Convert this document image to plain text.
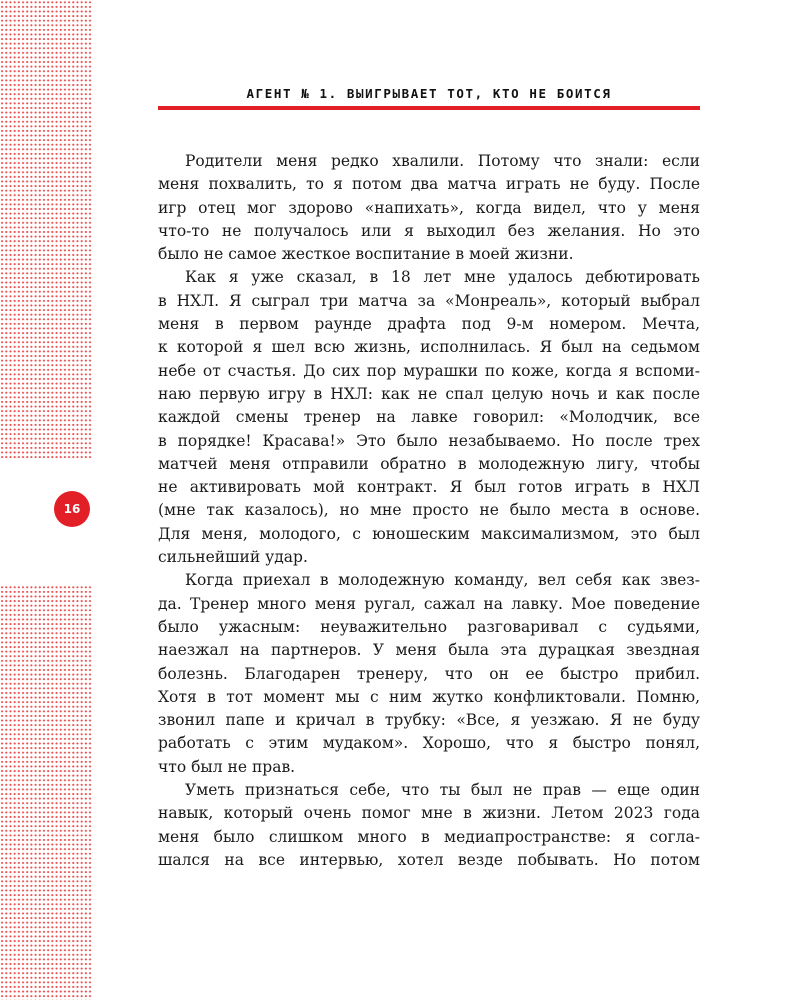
АГЕНТ № 1. ВЫИГРЫВАЕТ ТОТ, КТО НЕ БОИТСЯ
16
Родители меня редко хвалили. Потому что знали: если
меня похвалить, то я потом два матча играть не буду. После
игр отец мог здорово «напихать», когда видел, что у меня
что-то не получалось или я выходил без желания. Но это
было не самое жесткое воспитание в моей жизни.
Как я уже сказал, в 18 лет мне удалось дебютировать
в НХЛ. Я сыграл три матча за «Монреаль», который выбрал
меня в первом раунде драфта под 9-м номером. Мечта,
к которой я шел всю жизнь, исполнилась. Я был на седьмом
небе от счастья. До сих пор мурашки по коже, когда я вспоми-
наю первую игру в НХЛ: как не спал целую ночь и как после
каждой смены тренер на лавке говорил: «Молодчик, все
в порядке! Красава!» Это было незабываемо. Но после трех
матчей меня отправили обратно в молодежную лигу, чтобы
не активировать мой контракт. Я был готов играть в НХЛ
(мне так казалось), но мне просто не было места в основе.
Для меня, молодого, с юношеским максимализмом, это был
сильнейший удар.
Когда приехал в молодежную команду, вел себя как звез-
да. Тренер много меня ругал, сажал на лавку. Мое поведение
было ужасным: неуважительно разговаривал с судьями,
наезжал на партнеров. У меня была эта дурацкая звездная
болезнь. Благодарен тренеру, что он ее быстро прибил.
Хотя в тот момент мы с ним жутко конфликтовали. Помню,
звонил папе и кричал в трубку: «Все, я уезжаю. Я не буду
работать с этим мудаком». Хорошо, что я быстро понял,
что был не прав.
Уметь признаться себе, что ты был не прав — еще один
навык, который очень помог мне в жизни. Летом 2023 года
меня было слишком много в медиапространстве: я согла-
шался на все интервью, хотел везде побывать. Но потом
